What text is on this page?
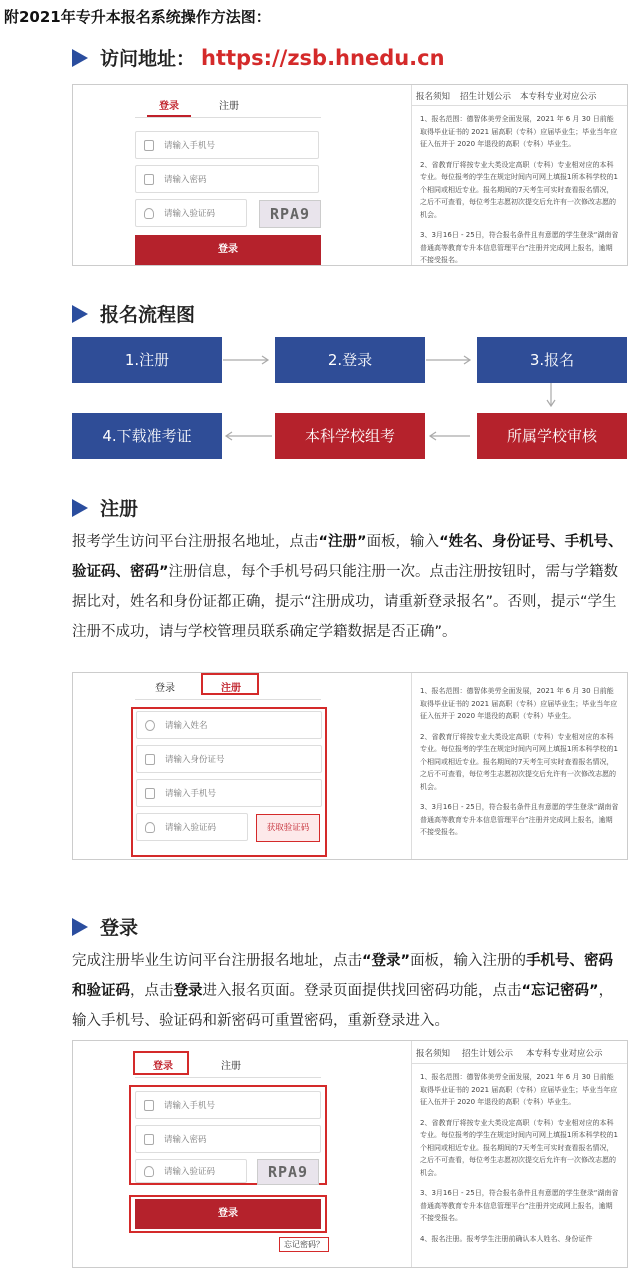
附2021年专升本报名系统操作方法图：
访问地址： https://zsb.hnedu.cn
登录	注册
请输入手机号
请输入密码
请输入验证码	RPA9
登录
报名须知 招生计划公示 本专科专业对应公示

1、报名范围：德智体美劳全面发展，2021 年 6 月 30 日前能取得毕业证书的 2021 届高职（专科）应届毕业生；毕业当年应征入伍并于 2020 年退役的高职（专科）毕业生。

2、省教育厅将按专业大类设定高职（专科）专业相对应的本科专业。每位报考的学生在规定时间内可网上填报1所本科学校的1个相同或相近专业。报名期间的7天考生可实时查看报名情况，之后不可查看，每位考生志愿初次提交后允许有一次修改志愿的机会。

3、3月16日 - 25日，符合报名条件且有意愿的学生登录“湖南省普通高等教育专升本信息管理平台”注册并完成网上报名，逾期不接受报名。

报名流程图
1.注册	2.登录	3.报名
所属学校审核
本科学校组考
4.下载准考证
注册
报考学生访问平台注册报名地址，点击“注册”面板，输入“姓名、身份证号、手机号、验证码、密码”注册信息，每个手机号码只能注册一次。点击注册按钮时，需与学籍数据比对，姓名和身份证都正确，提示“注册成功，请重新登录报名”。否则，提示“学生注册不成功，请与学校管理员联系确定学籍数据是否正确”。
登录	注册
请输入姓名
请输入身份证号
请输入手机号
请输入验证码	获取验证码

1、报名范围：德智体美劳全面发展，2021 年 6 月 30 日前能取得毕业证书的 2021 届高职（专科）应届毕业生；毕业当年应征入伍并于 2020 年退役的高职（专科）毕业生。

2、省教育厅将按专业大类设定高职（专科）专业相对应的本科专业。每位报考的学生在规定时间内可网上填报1所本科学校的1个相同或相近专业。报名期间的7天考生可实时查看报名情况，之后不可查看，每位考生志愿初次提交后允许有一次修改志愿的机会。

3、3月16日 - 25日，符合报名条件且有意愿的学生登录“湖南省普通高等教育专升本信息管理平台”注册并完成网上报名，逾期不接受报名。

登录
完成注册毕业生访问平台注册报名地址，点击“登录”面板，输入注册的手机号、密码和验证码，点击登录进入报名页面。登录页面提供找回密码功能，点击“忘记密码”，输入手机号、验证码和新密码可重置密码，重新登录进入。
登录	注册
请输入手机号
请输入密码
请输入验证码	RPA9
登录
忘记密码？
报名须知 招生计划公示 本专科专业对应公示

1、报名范围：德智体美劳全面发展，2021 年 6 月 30 日前能取得毕业证书的 2021 届高职（专科）应届毕业生；毕业当年应征入伍并于 2020 年退役的高职（专科）毕业生。

2、省教育厅将按专业大类设定高职（专科）专业相对应的本科专业。每位报考的学生在规定时间内可网上填报1所本科学校的1个相同或相近专业。报名期间的7天考生可实时查看报名情况，之后不可查看，每位考生志愿初次提交后允许有一次修改志愿的机会。

3、3月16日 - 25日，符合报名条件且有意愿的学生登录“湖南省普通高等教育专升本信息管理平台”注册并完成网上报名，逾期不接受报名。

4、报名注册。报考学生注册前确认本人姓名、身份证件
